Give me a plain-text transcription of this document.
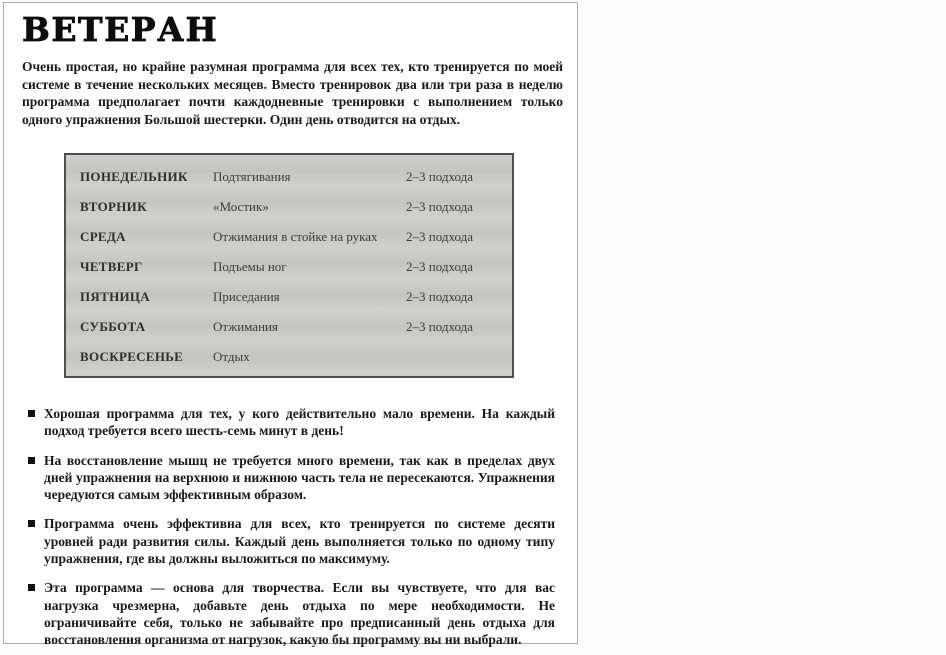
ВЕТЕРАН

Очень простая, но крайне разумная программа для всех тех, кто тренируется по моей системе в течение нескольких месяцев. Вместо тренировок два или три раза в неделю программа предполагает почти каждодневные тренировки с выполнением только одного упражнения Большой шестерки. Один день отводится на отдых.

ПОНЕДЕЛЬНИК	Подтягивания	2–3 подхода
ВТОРНИК	«Мостик»	2–3 подхода
СРЕДА	Отжимания в стойке на руках	2–3 подхода
ЧЕТВЕРГ	Подъемы ног	2–3 подхода
ПЯТНИЦА	Приседания	2–3 подхода
СУББОТА	Отжимания	2–3 подхода
ВОСКРЕСЕНЬЕ	Отдых

Хорошая программа для тех, у кого действительно мало времени. На каждый подход требуется всего шесть-семь минут в день!

На восстановление мышц не требуется много времени, так как в пределах двух дней упражнения на верхнюю и нижнюю часть тела не пересекаются. Упражнения чередуются самым эффективным образом.

Программа очень эффективна для всех, кто тренируется по системе десяти уровней ради развития силы. Каждый день выполняется только по одному типу упражнения, где вы должны выложиться по максимуму.

Эта программа — основа для творчества. Если вы чувствуете, что для вас нагрузка чрезмерна, добавьте день отдыха по мере необходимости. Не ограничивайте себя, только не забывайте про предписанный день отдыха для восстановления организма от нагрузок, какую бы программу вы ни выбрали.
